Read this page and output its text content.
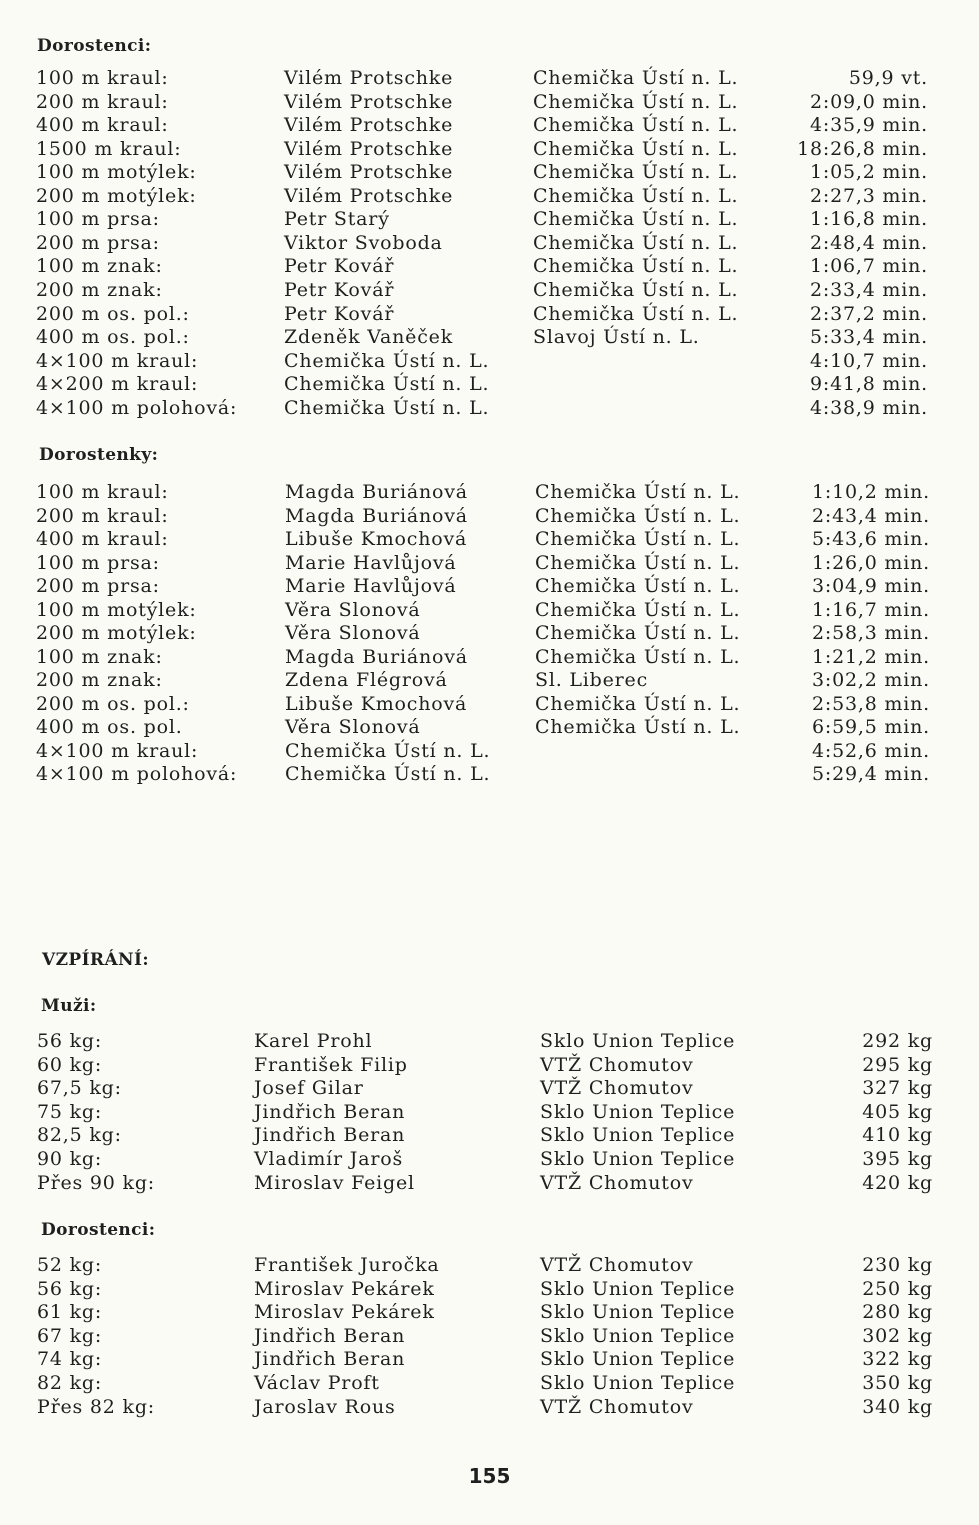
Dorostenci:
100 m kraul:	Vilém Protschke	Chemička Ústí n. L.	59,9 vt.
200 m kraul:	Vilém Protschke	Chemička Ústí n. L.	2:09,0 min.
400 m kraul:	Vilém Protschke	Chemička Ústí n. L.	4:35,9 min.
1500 m kraul:	Vilém Protschke	Chemička Ústí n. L.	18:26,8 min.
100 m motýlek:	Vilém Protschke	Chemička Ústí n. L.	1:05,2 min.
200 m motýlek:	Vilém Protschke	Chemička Ústí n. L.	2:27,3 min.
100 m prsa:	Petr Starý	Chemička Ústí n. L.	1:16,8 min.
200 m prsa:	Viktor Svoboda	Chemička Ústí n. L.	2:48,4 min.
100 m znak:	Petr Kovář	Chemička Ústí n. L.	1:06,7 min.
200 m znak:	Petr Kovář	Chemička Ústí n. L.	2:33,4 min.
200 m os. pol.:	Petr Kovář	Chemička Ústí n. L.	2:37,2 min.
400 m os. pol.:	Zdeněk Vaněček	Slavoj Ústí n. L.	5:33,4 min.
4×100 m kraul:	Chemička Ústí n. L.	4:10,7 min.
4×200 m kraul:	Chemička Ústí n. L.	9:41,8 min.
4×100 m polohová: Chemička Ústí n. L.	4:38,9 min.
Dorostenky:
100 m kraul:	Magda Buriánová	Chemička Ústí n. L.	1:10,2 min.
200 m kraul:	Magda Buriánová	Chemička Ústí n. L.	2:43,4 min.
400 m kraul:	Libuše Kmochová	Chemička Ústí n. L.	5:43,6 min.
100 m prsa:	Marie Havlůjová	Chemička Ústí n. L.	1:26,0 min.
200 m prsa:	Marie Havlůjová	Chemička Ústí n. L.	3:04,9 min.
100 m motýlek:	Věra Slonová	Chemička Ústí n. L.	1:16,7 min.
200 m motýlek:	Věra Slonová	Chemička Ústí n. L.	2:58,3 min.
100 m znak:	Magda Buriánová	Chemička Ústí n. L.	1:21,2 min.
200 m znak:	Zdena Flégrová	Sl. Liberec	3:02,2 min.
200 m os. pol.:	Libuše Kmochová	Chemička Ústí n. L.	2:53,8 min.
400 m os. pol.	Věra Slonová	Chemička Ústí n. L.	6:59,5 min.
4×100 m kraul:	Chemička Ústí n. L.	4:52,6 min.
4×100 m polohová:	Chemička Ústí n. L.	5:29,4 min.
VZPÍRÁNÍ:
Muži:
56 kg:	Karel Prohl	Sklo Union Teplice	292 kg
60 kg:	František Filip	VTŽ Chomutov	295 kg
67,5 kg:	Josef Gilar	VTŽ Chomutov	327 kg
75 kg:	Jindřich Beran	Sklo Union Teplice	405 kg
82,5 kg:	Jindřich Beran	Sklo Union Teplice	410 kg
90 kg:	Vladimír Jaroš	Sklo Union Teplice	395 kg
Přes 90 kg:	Miroslav Feigel	VTŽ Chomutov	420 kg
Dorostenci:
52 kg:	František Juročka	VTŽ Chomutov	230 kg
56 kg:	Miroslav Pekárek	Sklo Union Teplice	250 kg
61 kg:	Miroslav Pekárek	Sklo Union Teplice	280 kg
67 kg:	Jindřich Beran	Sklo Union Teplice	302 kg
74 kg:	Jindřich Beran	Sklo Union Teplice	322 kg
82 kg:	Václav Proft	Sklo Union Teplice	350 kg
Přes 82 kg:	Jaroslav Rous	VTŽ Chomutov	340 kg
155
